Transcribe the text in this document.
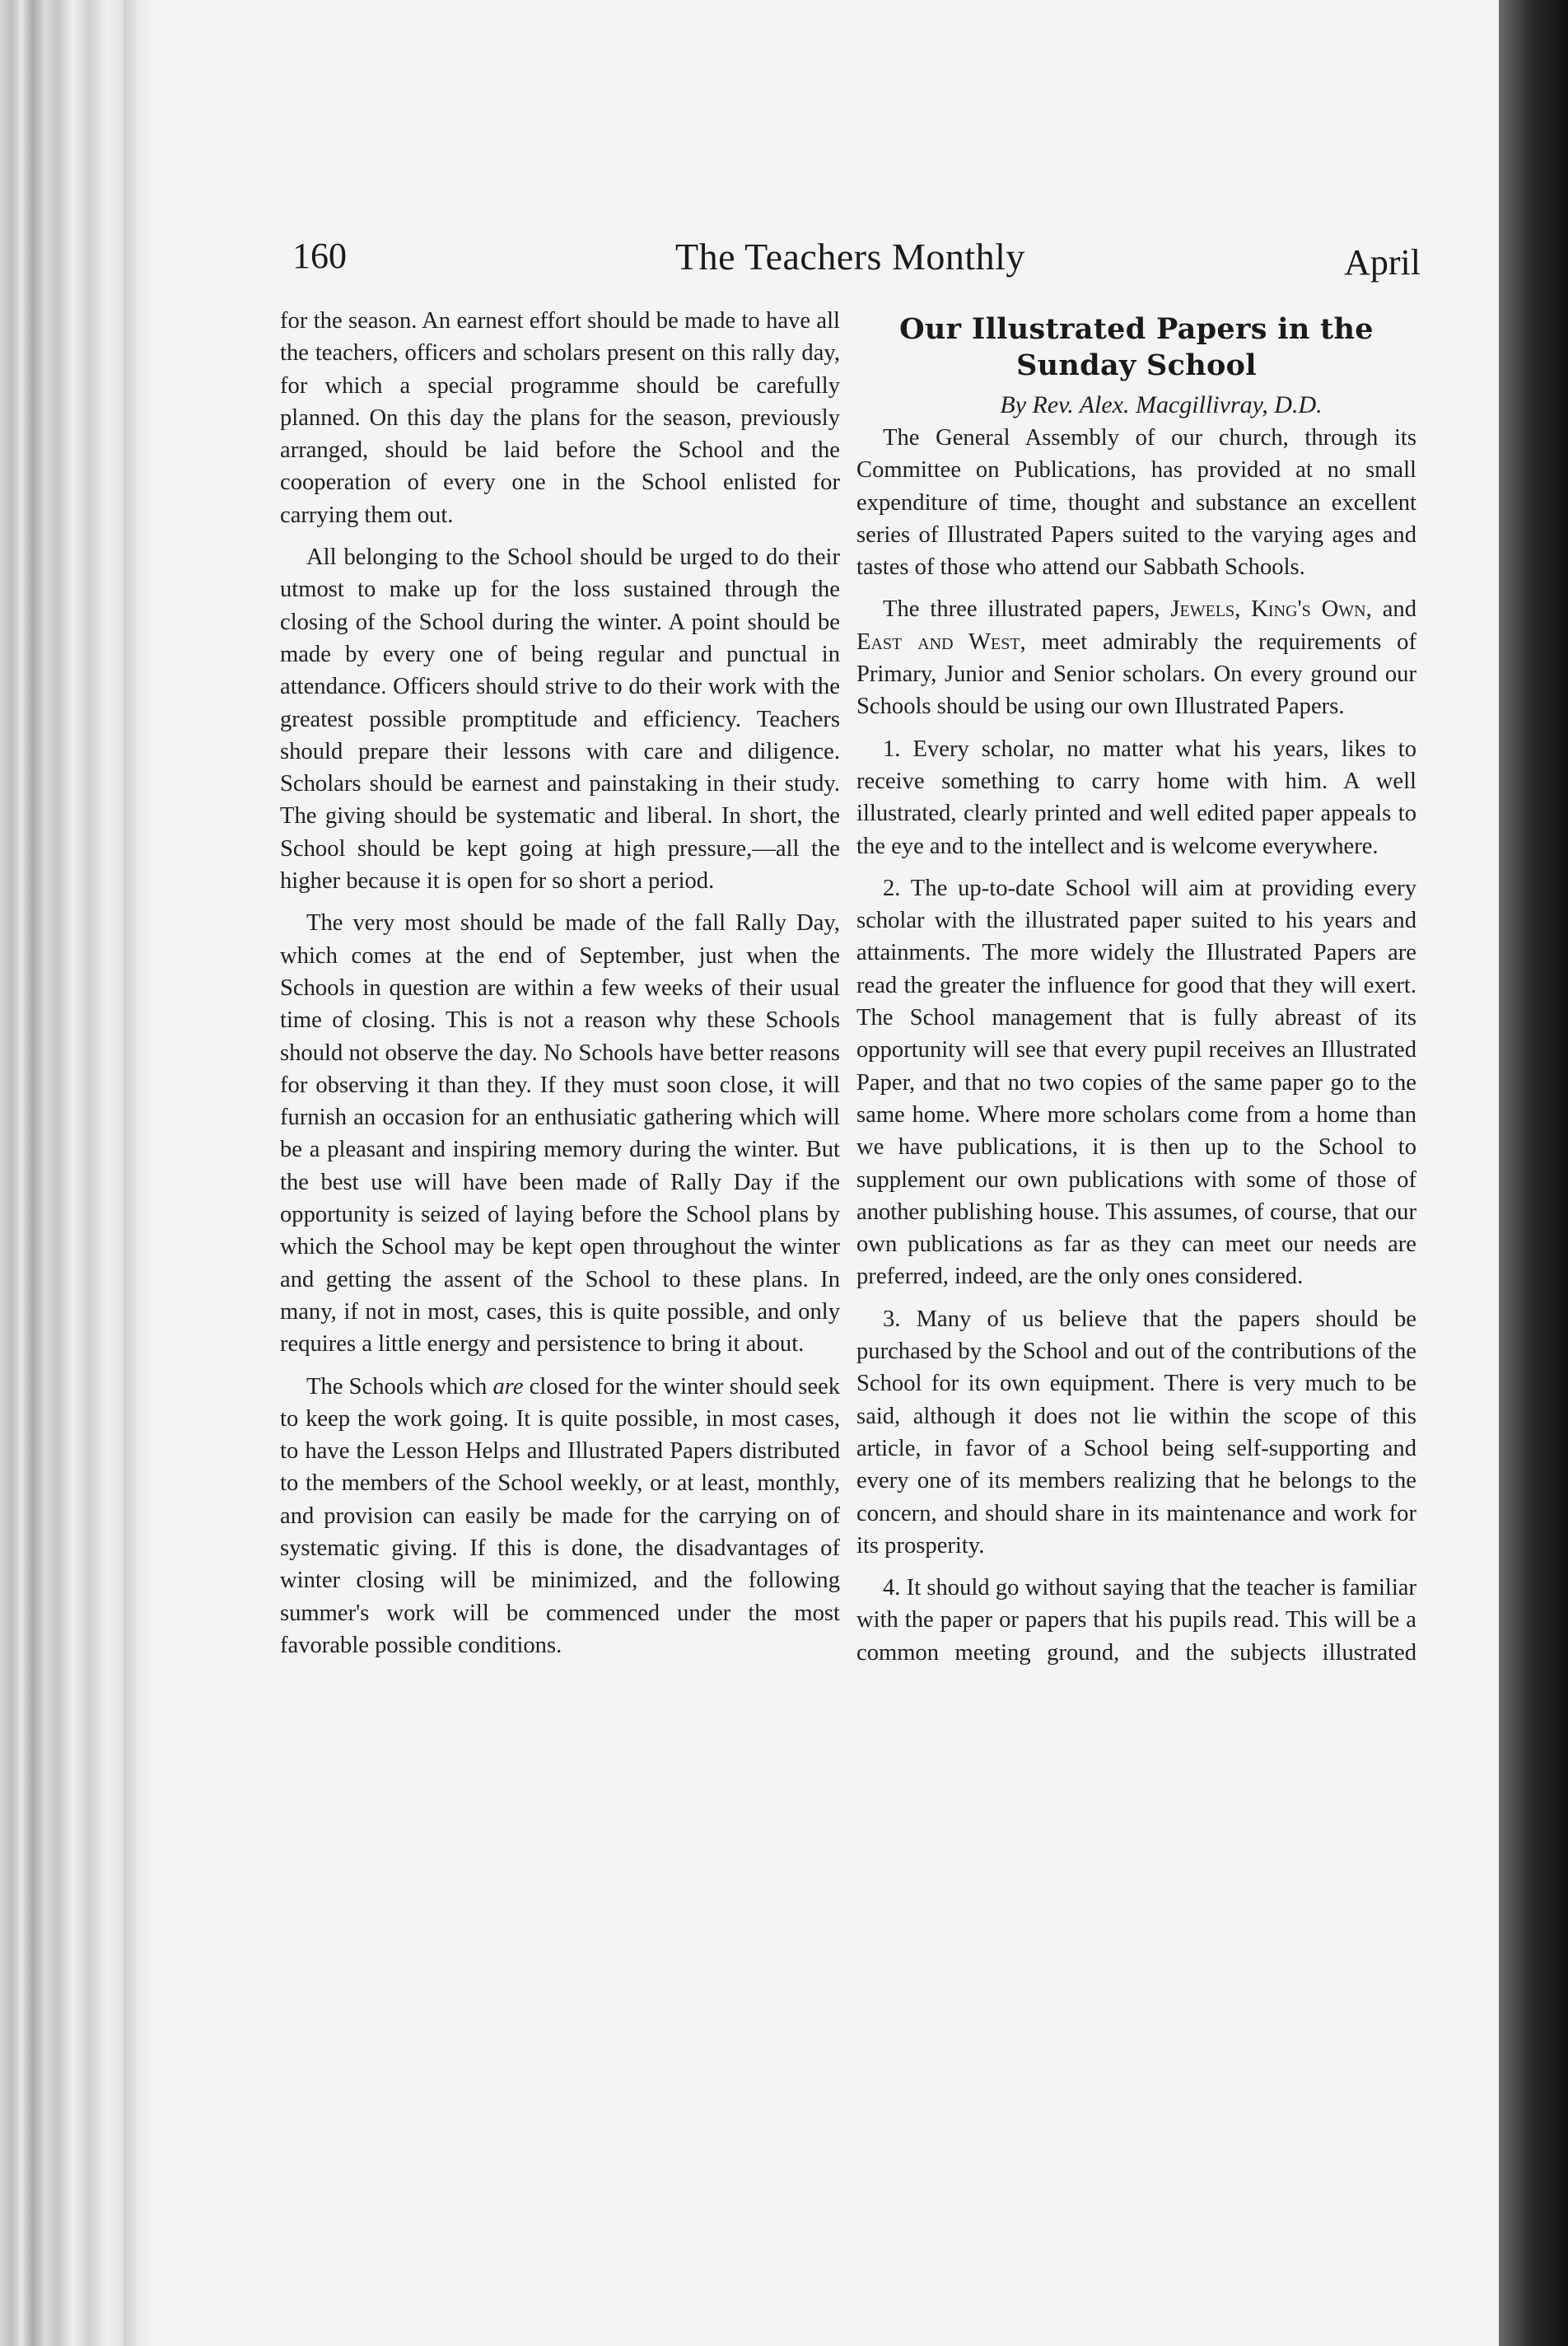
160	The Teachers Monthly	April

for the season. An earnest effort should be made to have all the teachers, officers and scholars present on this rally day, for which a special programme should be carefully planned. On this day the plans for the season, previously arranged, should be laid before the School and the cooperation of every one in the School enlisted for carrying them out.

All belonging to the School should be urged to do their utmost to make up for the loss sustained through the closing of the School during the winter. A point should be made by every one of being regular and punctual in attendance. Officers should strive to do their work with the greatest possible promptitude and efficiency. Teachers should prepare their lessons with care and diligence. Scholars should be earnest and painstaking in their study. The giving should be systematic and liberal. In short, the School should be kept going at high pressure,—all the higher because it is open for so short a period.

The very most should be made of the fall Rally Day, which comes at the end of September, just when the Schools in question are within a few weeks of their usual time of closing. This is not a reason why these Schools should not observe the day. No Schools have better reasons for observing it than they. If they must soon close, it will furnish an occasion for an enthusiatic gathering which will be a pleasant and inspiring memory during the winter. But the best use will have been made of Rally Day if the opportunity is seized of laying before the School plans by which the School may be kept open throughout the winter and getting the assent of the School to these plans. In many, if not in most, cases, this is quite possible, and only requires a little energy and persistence to bring it about.

The Schools which are closed for the winter should seek to keep the work going. It is quite possible, in most cases, to have the Lesson Helps and Illustrated Papers distributed to the members of the School weekly, or at least, monthly, and provision can easily be made for the carrying on of systematic giving. If this is done, the disadvantages of winter closing will be minimized, and the following summer's work will be commenced under the most favorable possible conditions.

Our Illustrated Papers in the Sunday School
By Rev. Alex. Macgillivray, D.D.

The General Assembly of our church, through its Committee on Publications, has provided at no small expenditure of time, thought and substance an excellent series of Illustrated Papers suited to the varying ages and tastes of those who attend our Sabbath Schools.

The three illustrated papers, Jewels, King's Own, and East and West, meet admirably the requirements of Primary, Junior and Senior scholars. On every ground our Schools should be using our own Illustrated Papers.

1. Every scholar, no matter what his years, likes to receive something to carry home with him. A well illustrated, clearly printed and well edited paper appeals to the eye and to the intellect and is welcome everywhere.

2. The up-to-date School will aim at providing every scholar with the illustrated paper suited to his years and attainments. The more widely the Illustrated Papers are read the greater the influence for good that they will exert. The School management that is fully abreast of its opportunity will see that every pupil receives an Illustrated Paper, and that no two copies of the same paper go to the same home. Where more scholars come from a home than we have publications, it is then up to the School to supplement our own publications with some of those of another publishing house. This assumes, of course, that our own publications as far as they can meet our needs are preferred, indeed, are the only ones considered.

3. Many of us believe that the papers should be purchased by the School and out of the contributions of the School for its own equipment. There is very much to be said, although it does not lie within the scope of this article, in favor of a School being self-supporting and every one of its members realizing that he belongs to the concern, and should share in its maintenance and work for its prosperity.

4. It should go without saying that the teacher is familiar with the paper or papers that his pupils read. This will be a common meeting ground, and the subjects illustrated
